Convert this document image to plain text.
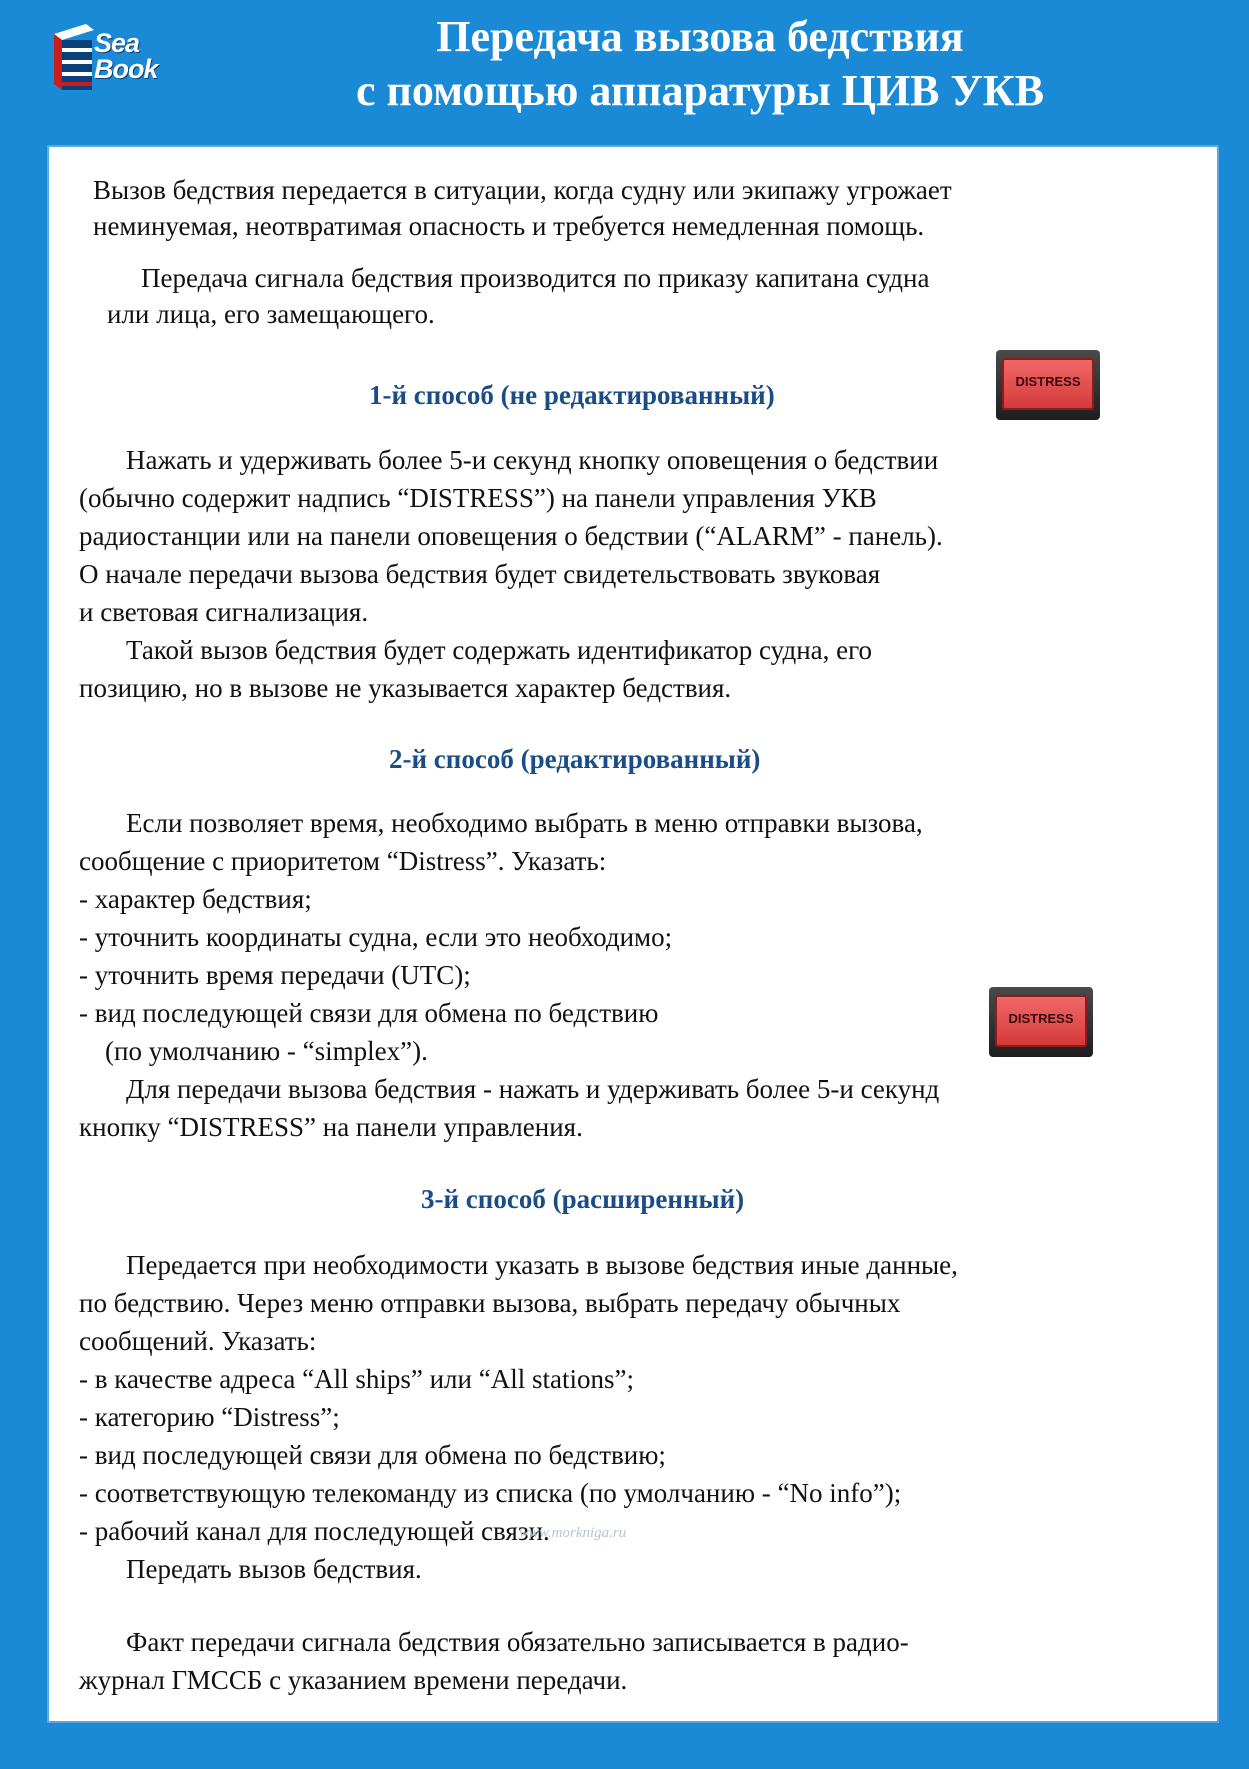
Sea
Book
Передача вызова бедствия
с помощью аппаратуры ЦИВ УКВ
Вызов бедствия передается в ситуации, когда судну или экипажу угрожает
неминуемая, неотвратимая опасность и требуется немедленная помощь.
Передача сигнала бедствия производится по приказу капитана судна
или лица, его замещающего.
1-й способ (не редактированный)	DISTRESS
Нажать и удерживать более 5-и секунд кнопку оповещения о бедствии
(обычно содержит надпись “DISTRESS”) на панели управления УКВ
радиостанции или на панели оповещения о бедствии (“ALARM” - панель).
О начале передачи вызова бедствия будет свидетельствовать звуковая
и световая сигнализация.
Такой вызов бедствия будет содержать идентификатор судна, его
позицию, но в вызове не указывается характер бедствия.
2-й способ (редактированный)
Если позволяет время, необходимо выбрать в меню отправки вызова,
сообщение с приоритетом “Distress”. Указать:
- характер бедствия;
- уточнить координаты судна, если это необходимо;
- уточнить время передачи (UTC);
- вид последующей связи для обмена по бедствию
(по умолчанию - “simplex”).
Для передачи вызова бедствия - нажать и удерживать более 5-и секунд
кнопку “DISTRESS” на панели управления.
DISTRESS
3-й способ (расширенный)
Передается при необходимости указать в вызове бедствия иные данные,
по бедствию. Через меню отправки вызова, выбрать передачу обычных
сообщений. Указать:
- в качестве адреса “All ships” или “All stations”;
- категорию “Distress”;
- вид последующей связи для обмена по бедствию;
- соответствующую телекоманду из списка (по умолчанию - “No info”);
- рабочий канал для последующей связи.
www.morkniga.ru
Передать вызов бедствия.
Факт передачи сигнала бедствия обязательно записывается в радио-
журнал ГМССБ с указанием времени передачи.
